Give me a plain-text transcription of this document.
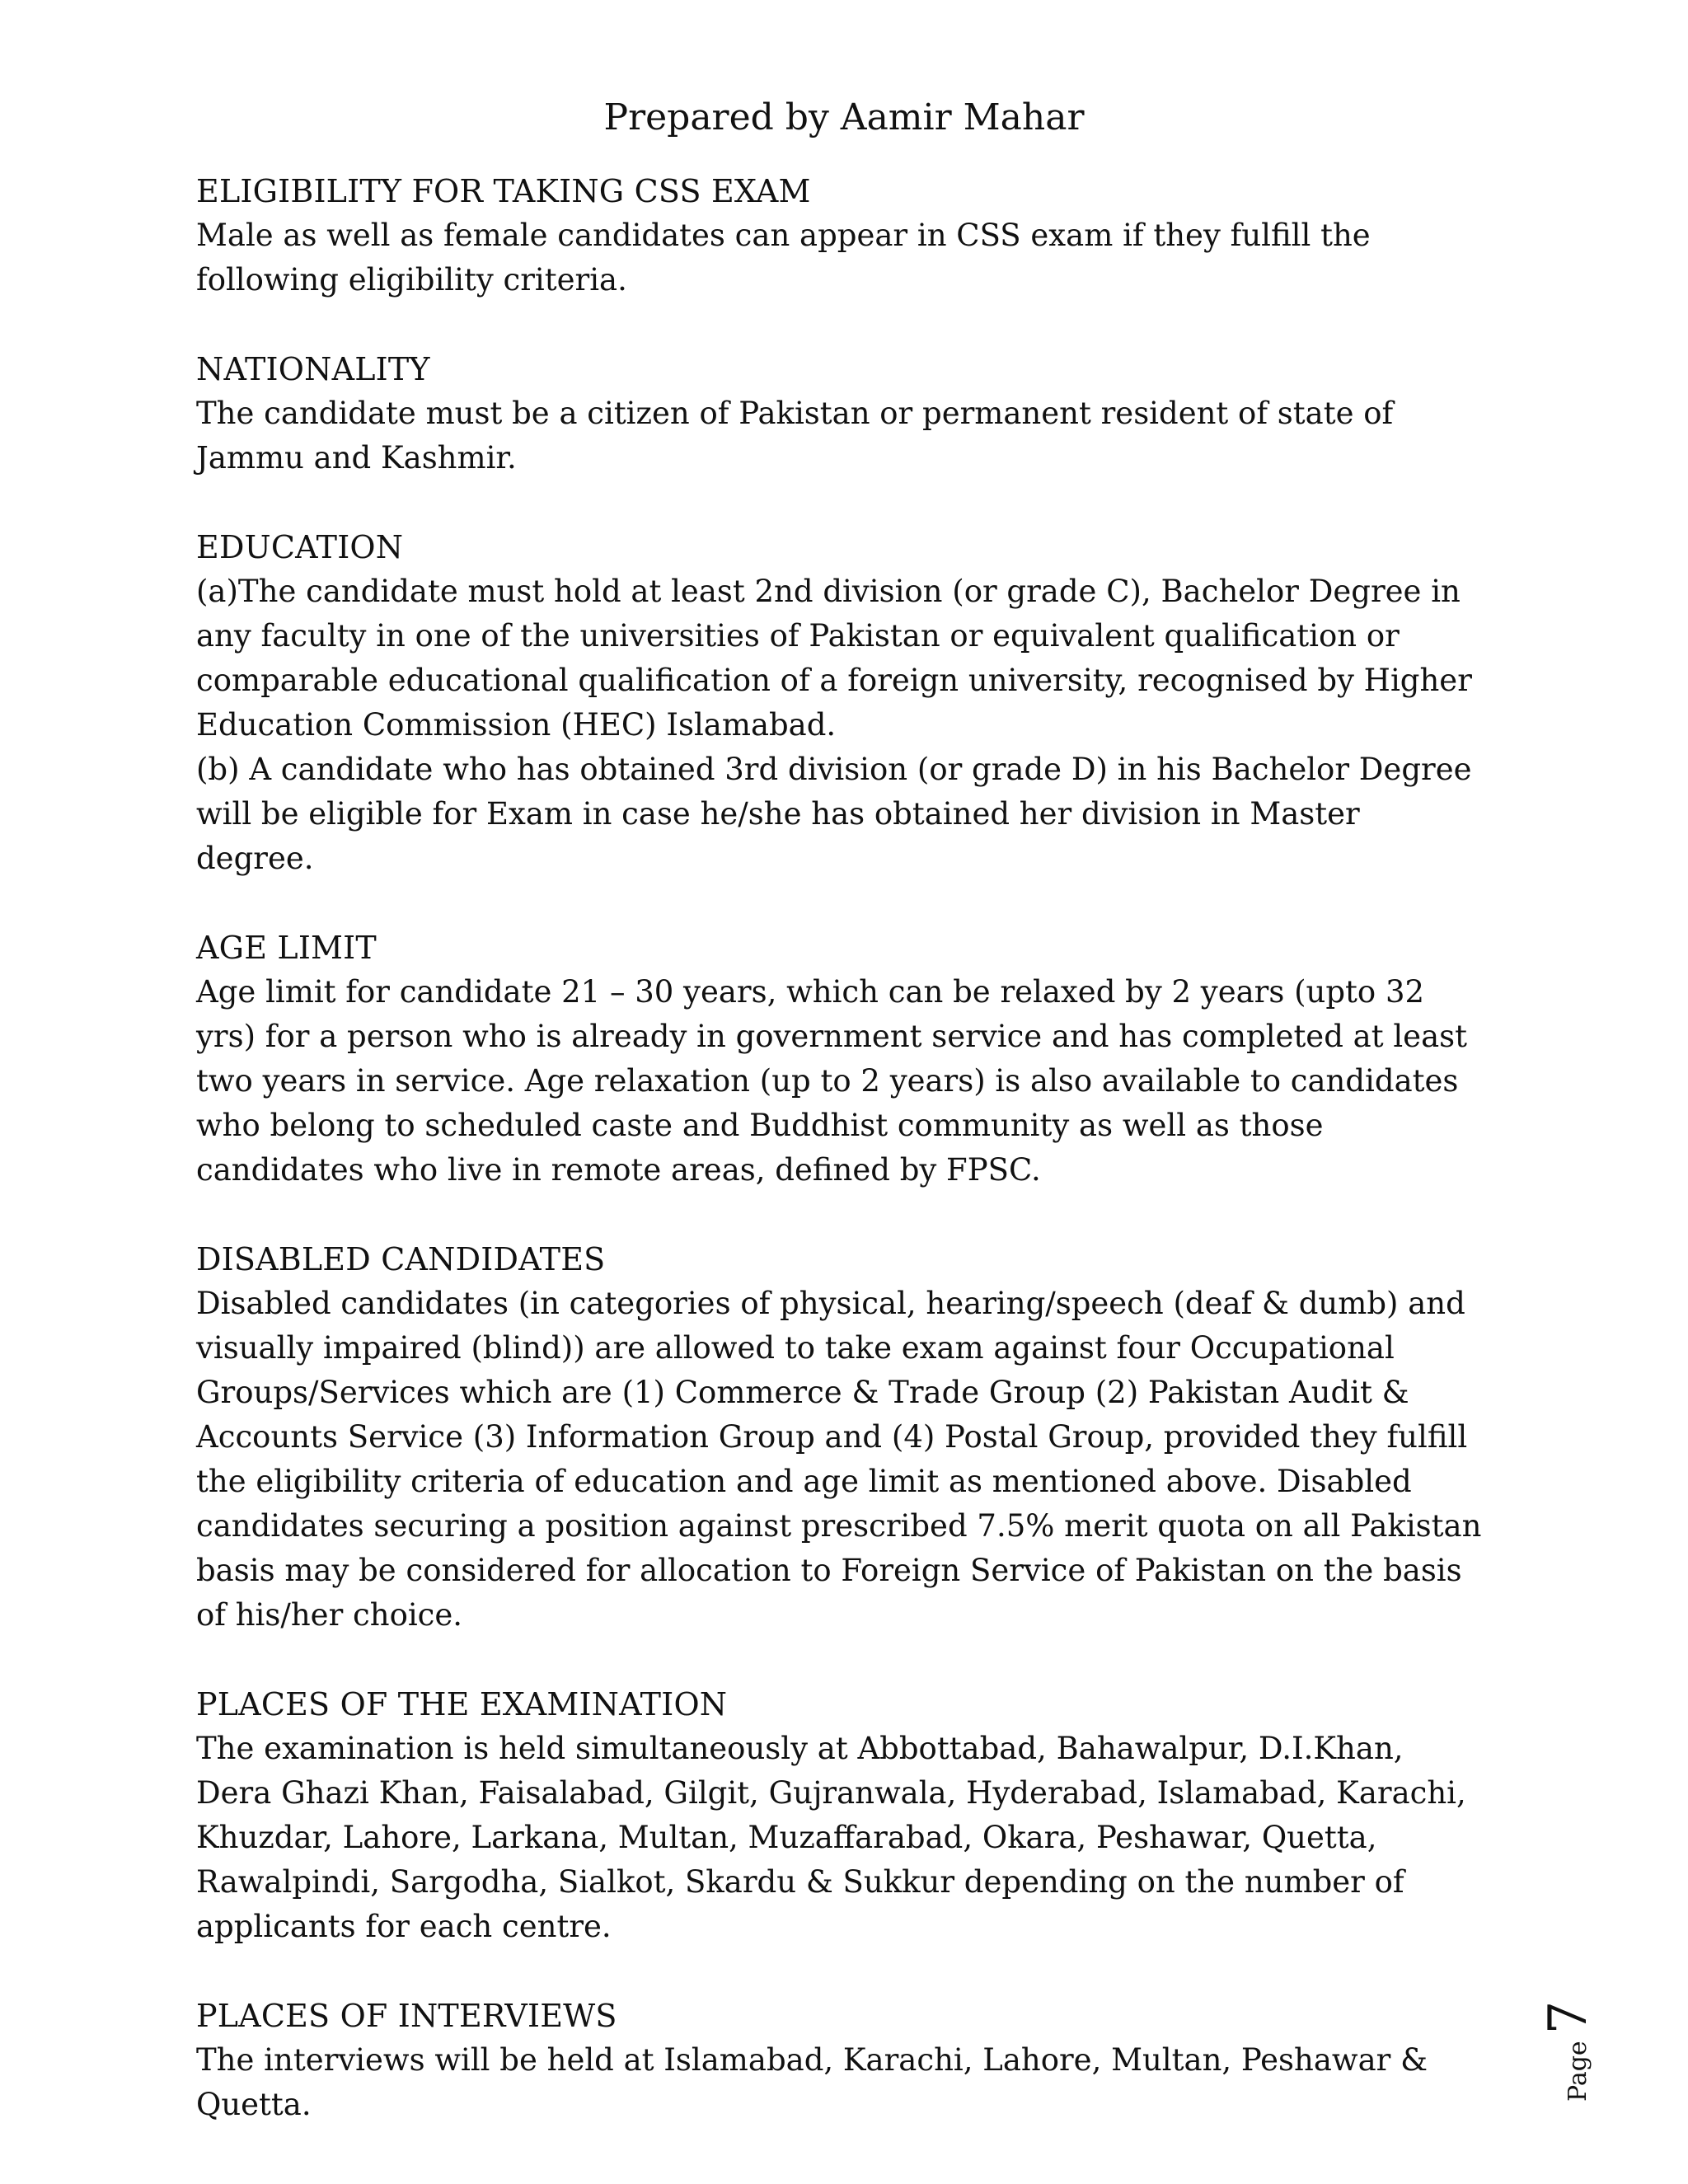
Prepared by Aamir Mahar
ELIGIBILITY FOR TAKING CSS EXAM

Male as well as female candidates can appear in CSS exam if they fulfill the following eligibility criteria.

NATIONALITY

The candidate must be a citizen of Pakistan or permanent resident of state of Jammu and Kashmir.

EDUCATION

(a)The candidate must hold at least 2nd division (or grade C), Bachelor Degree in any faculty in one of the universities of Pakistan or equivalent qualification or comparable educational qualification of a foreign university, recognised by Higher Education Commission (HEC) Islamabad.

(b) A candidate who has obtained 3rd division (or grade D) in his Bachelor Degree will be eligible for Exam in case he/she has obtained her division in Master degree.

AGE LIMIT

Age limit for candidate 21 – 30 years, which can be relaxed by 2 years (upto 32 yrs) for a person who is already in government service and has completed at least two years in service. Age relaxation (up to 2 years) is also available to candidates who belong to scheduled caste and Buddhist community as well as those candidates who live in remote areas, defined by FPSC.

DISABLED CANDIDATES

Disabled candidates (in categories of physical, hearing/speech (deaf & dumb) and visually impaired (blind)) are allowed to take exam against four Occupational Groups/Services which are (1) Commerce & Trade Group (2) Pakistan Audit & Accounts Service (3) Information Group and (4) Postal Group, provided they fulfill the eligibility criteria of education and age limit as mentioned above. Disabled candidates securing a position against prescribed 7.5% merit quota on all Pakistan basis may be considered for allocation to Foreign Service of Pakistan on the basis of his/her choice.

PLACES OF THE EXAMINATION

The examination is held simultaneously at Abbottabad, Bahawalpur, D.I.Khan, Dera Ghazi Khan, Faisalabad, Gilgit, Gujranwala, Hyderabad, Islamabad, Karachi, Khuzdar, Lahore, Larkana, Multan, Muzaffarabad, Okara, Peshawar, Quetta, Rawalpindi, Sargodha, Sialkot, Skardu & Sukkur depending on the number of applicants for each centre.

PLACES OF INTERVIEWS

The interviews will be held at Islamabad, Karachi, Lahore, Multan, Peshawar & Quetta.

Page7
